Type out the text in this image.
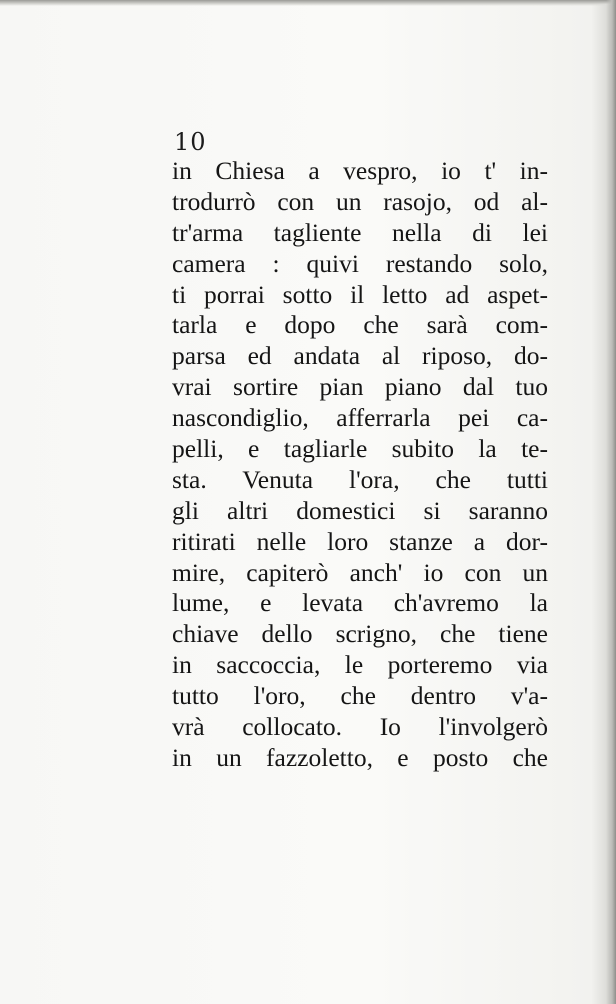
10
in Chiesa a vespro, io t' in-
trodurrò con un rasojo, od al-
tr'arma tagliente nella di lei
camera : quivi restando solo,
ti porrai sotto il letto ad aspet-
tarla e dopo che sarà com-
parsa ed andata al riposo, do-
vrai sortire pian piano dal tuo
nascondiglio, afferrarla pei ca-
pelli, e tagliarle subito la te-
sta. Venuta l'ora, che tutti
gli altri domestici si saranno
ritirati nelle loro stanze a dor-
mire, capiterò anch' io con un
lume, e levata ch'avremo la
chiave dello scrigno, che tiene
in saccoccia, le porteremo via
tutto l'oro, che dentro v'a-
vrà collocato. Io l'involgerò
in un fazzoletto, e posto che
